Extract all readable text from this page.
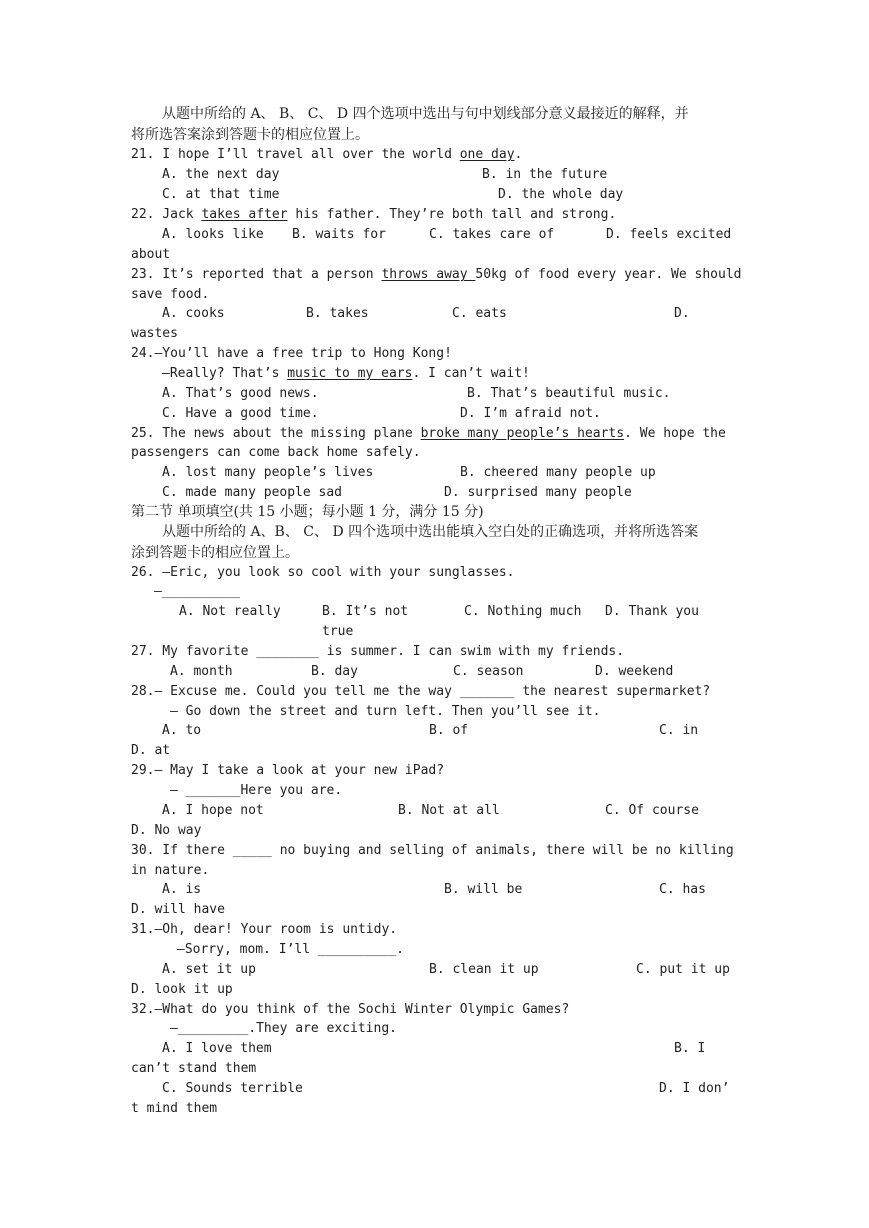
从题中所给的 A、 B、 C、 D 四个选项中选出与句中划线部分意义最接近的解释，并
将所选答案涂到答题卡的相应位置上。
21. I hope I’ll travel all over the world one day.
A. the next day	B. in the future
C. at that time	D. the whole day
22. Jack takes after his father. They’re both tall and strong.
A. looks like B. waits for	C. takes care of	D. feels excited
about
23. It’s reported that a person throws away 50kg of food every year. We should
save food.
A. cooks	B. takes	C. eats	D.
wastes
24.—You’ll have a free trip to Hong Kong!
—Really? That’s music to my ears. I can’t wait!
A. That’s good news.	B. That’s beautiful music.
C. Have a good time.	D. I’m afraid not.
25. The news about the missing plane broke many people’s hearts. We hope the
passengers can come back home safely.
A. lost many people’s lives	B. cheered many people up
C. made many people sad	D. surprised many people
第二节 单项填空(共 15 小题；每小题 1 分，满分 15 分)
从题中所给的 A、B、 C、 D 四个选项中选出能填入空白处的正确选项，并将所选答案
涂到答题卡的相应位置上。
26. —Eric, you look so cool with your sunglasses.
—__________
A. Not really	B. It’s not
true
C. Nothing much D. Thank you
27. My favorite ________ is summer. I can swim with my friends.
A. month	B. day	C. season	D. weekend
28.— Excuse me. Could you tell me the way _______ the nearest supermarket?
— Go down the street and turn left. Then you’ll see it.
A. to	B. of	C. in
D. at
29.— May I take a look at your new iPad?
— _______Here you are.
A. I hope not	B. Not at all	C. Of course
D. No way
30. If there _____ no buying and selling of animals, there will be no killing
in nature.
A. is	B. will be	C. has
D. will have
31.—Oh, dear! Your room is untidy.
—Sorry, mom. I’ll __________.
A. set it up	B. clean it up	C. put it up
D. look it up
32.—What do you think of the Sochi Winter Olympic Games?
—_________.They are exciting.
A. I love them	B. I
can’t stand them
C. Sounds terrible	D. I don’
t mind them
